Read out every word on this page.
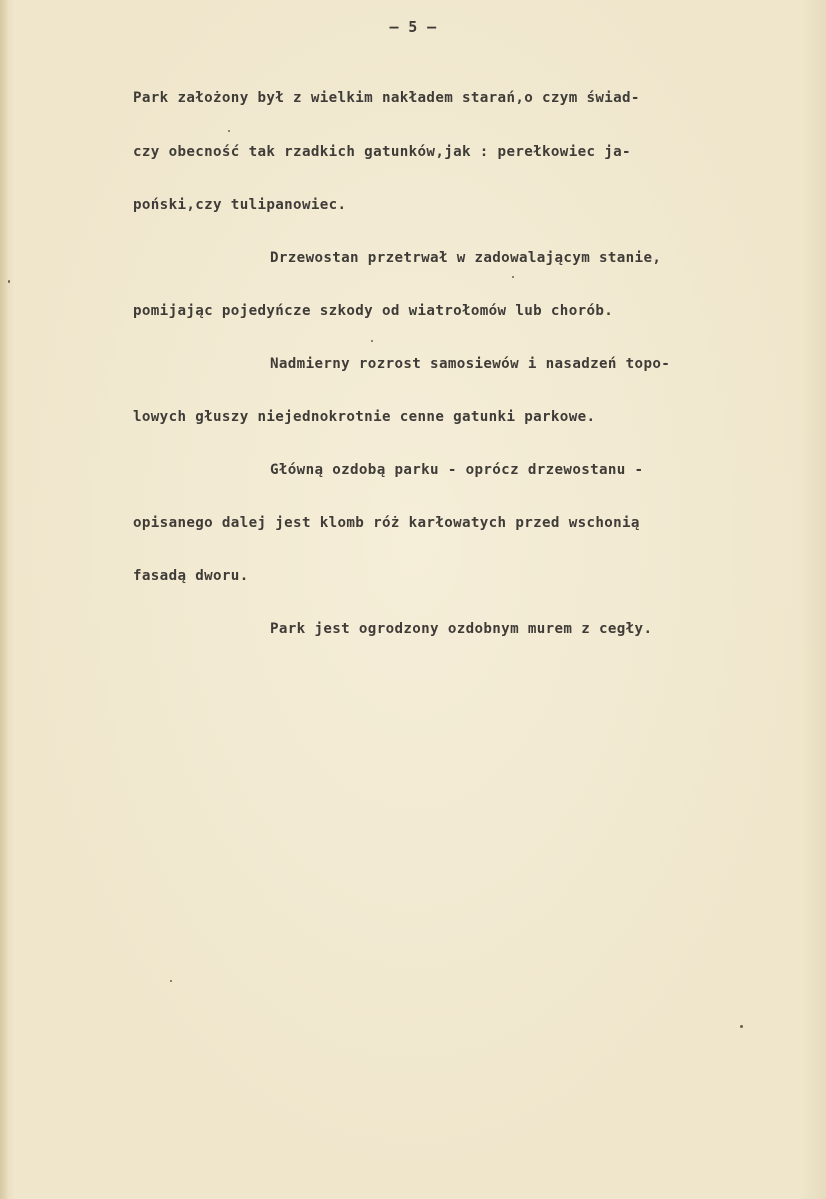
— 5 —
Park założony był z wielkim nakładem starań,o czym świad-
czy obecność tak rzadkich gatunków,jak : perełkowiec ja-
poński,czy tulipanowiec.
Drzewostan przetrwał w zadowalającym stanie,
pomijając pojedyńcze szkody od wiatrołomów lub chorób.
Nadmierny rozrost samosiewów i nasadzeń topo-
lowych głuszy niejednokrotnie cenne gatunki parkowe.
Główną ozdobą parku - oprócz drzewostanu -
opisanego dalej jest klomb róż karłowatych przed wschonią
fasadą dworu.
Park jest ogrodzony ozdobnym murem z cegły.
